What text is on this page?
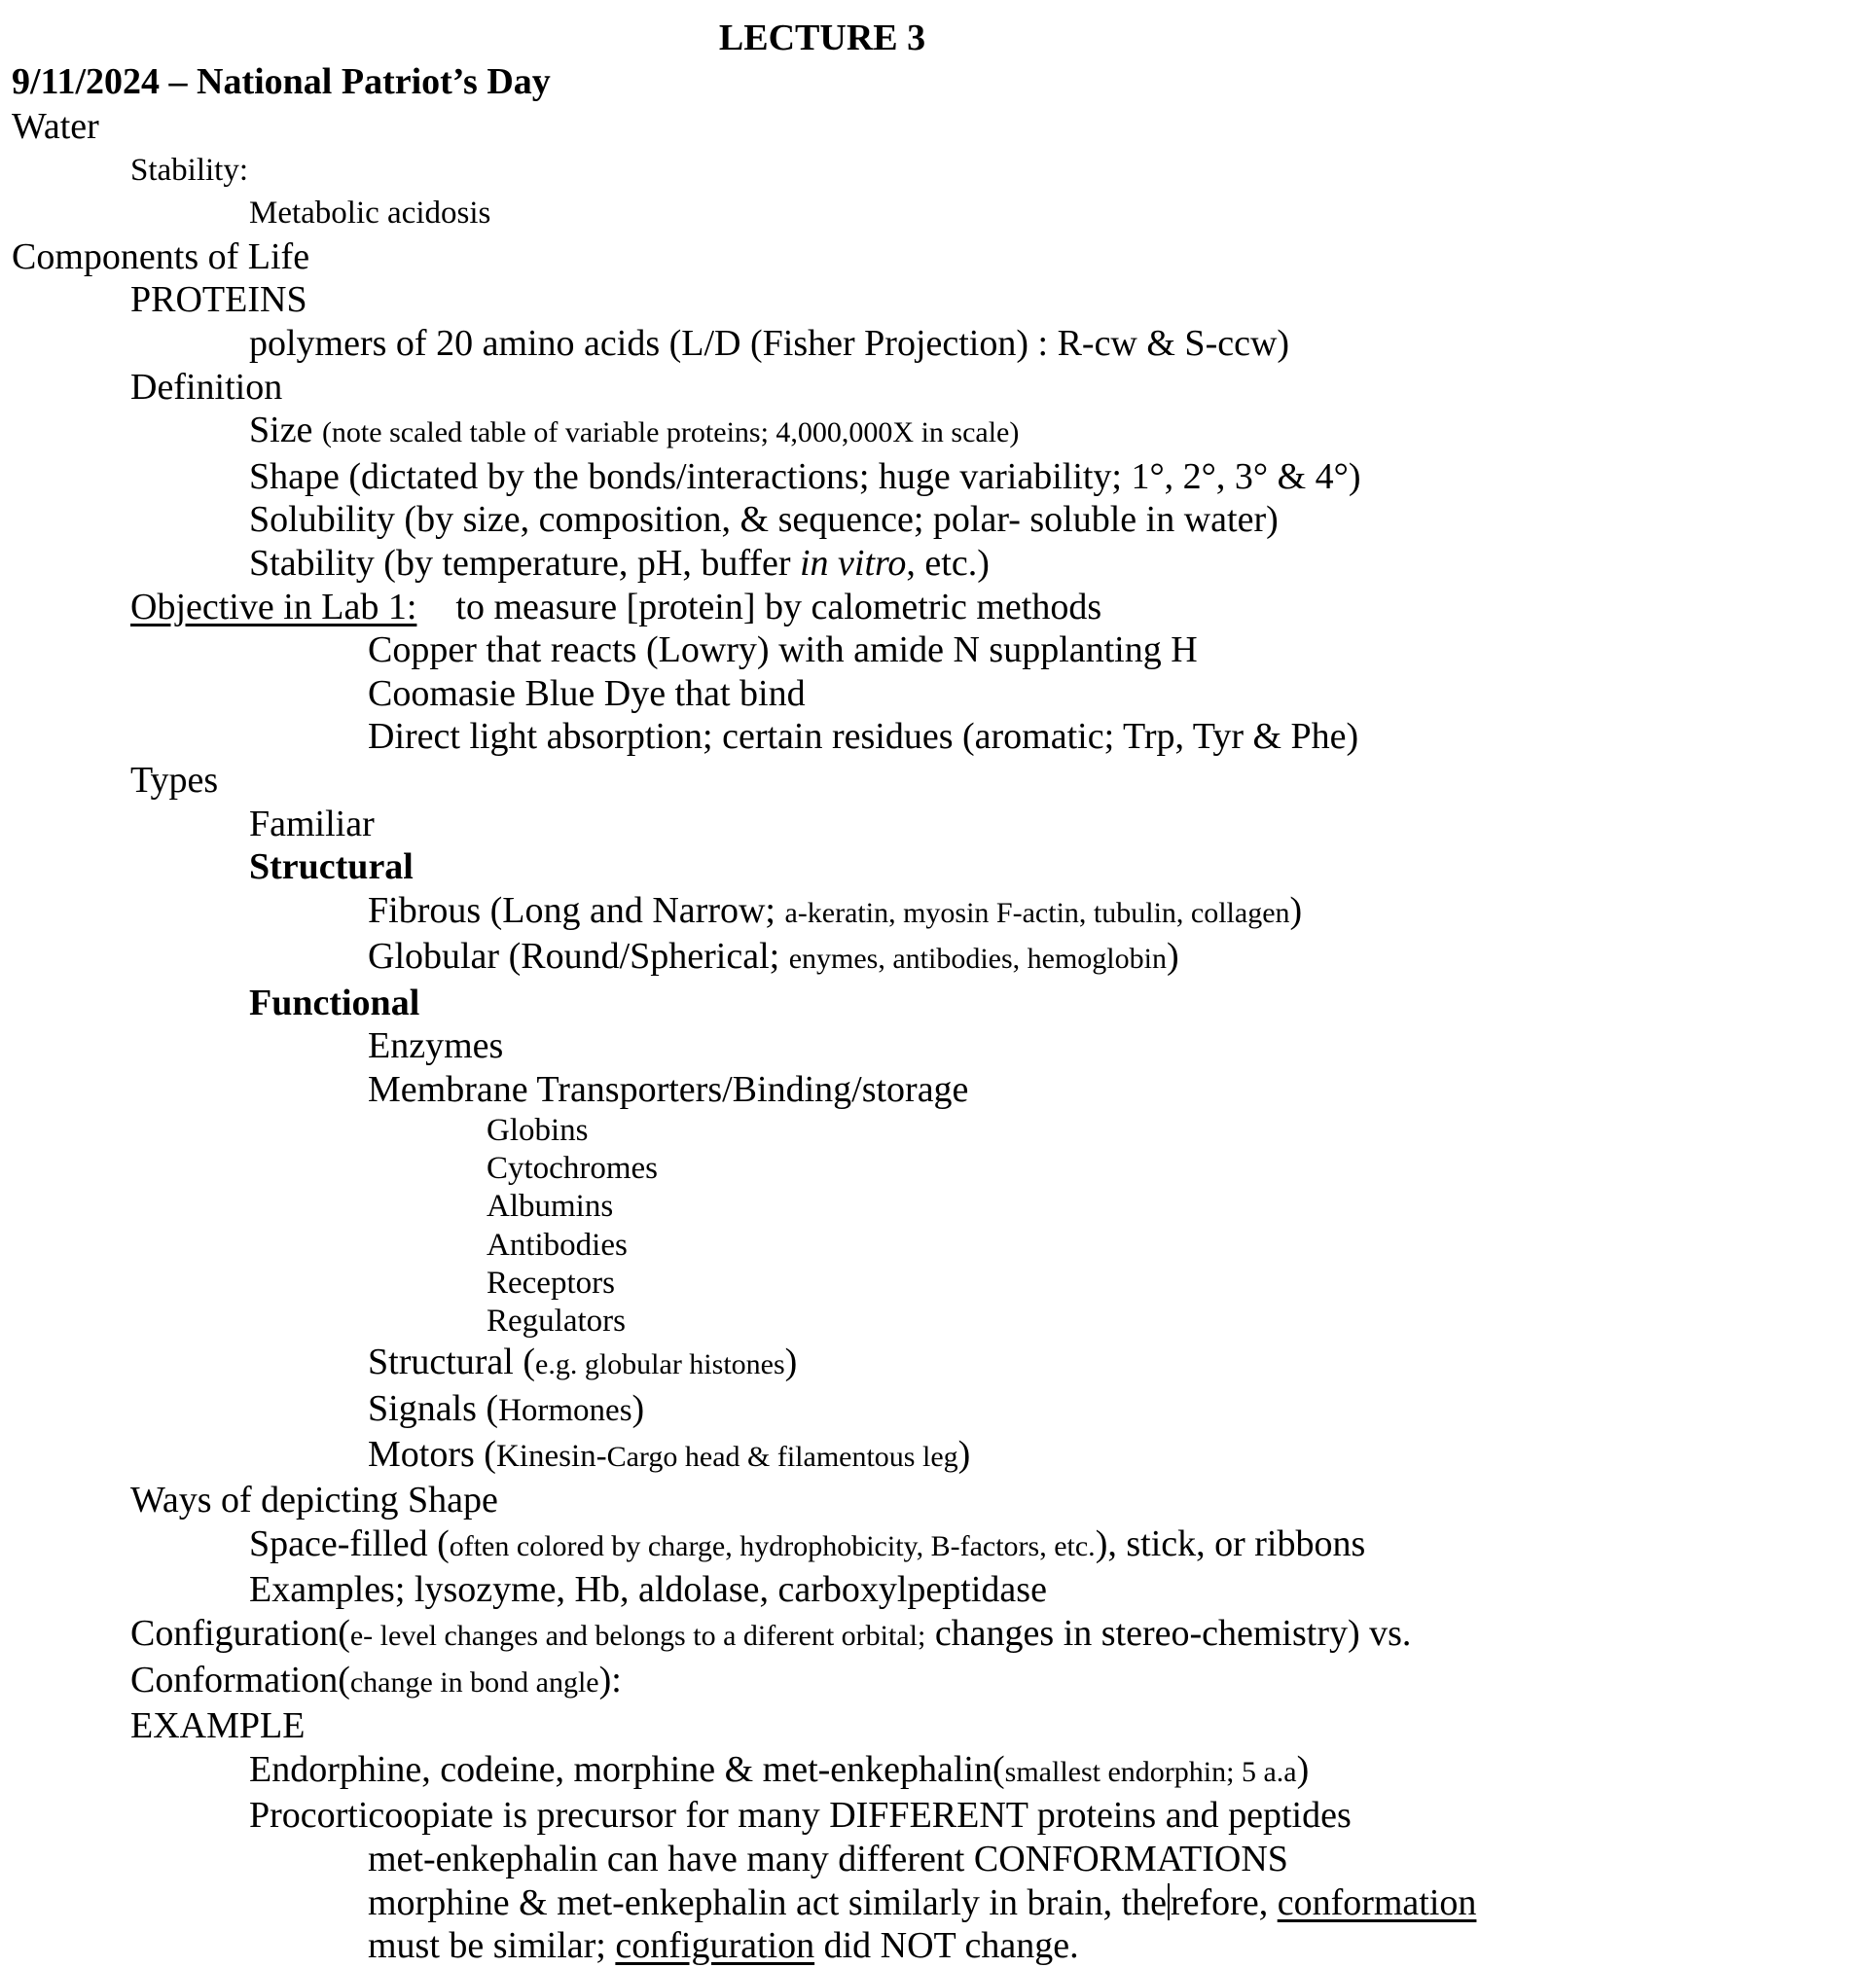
LECTURE 3
9/11/2024 – National Patriot’s Day
Water
Stability:
Metabolic acidosis
Components of Life
PROTEINS
polymers of 20 amino acids (L/D (Fisher Projection) : R-cw & S-ccw)
Definition
Size (note scaled table of variable proteins; 4,000,000X in scale)
Shape (dictated by the bonds/interactions; huge variability; 1°, 2°, 3° & 4°)
Solubility (by size, composition, & sequence; polar- soluble in water)
Stability (by temperature, pH, buffer in vitro, etc.)
Objective in Lab 1: to measure [protein] by calometric methods
Copper that reacts (Lowry) with amide N supplanting H
Coomasie Blue Dye that bind
Direct light absorption; certain residues (aromatic; Trp, Tyr & Phe)
Types
Familiar
Structural
Fibrous (Long and Narrow; a-keratin, myosin F-actin, tubulin, collagen)
Globular (Round/Spherical; enymes, antibodies, hemoglobin)
Functional
Enzymes
Membrane Transporters/Binding/storage
Globins
Cytochromes
Albumins
Antibodies
Receptors
Regulators
Structural (e.g. globular histones)
Signals (Hormones)
Motors (Kinesin-Cargo head & filamentous leg)
Ways of depicting Shape
Space-filled (often colored by charge, hydrophobicity, B-factors, etc.), stick, or ribbons
Examples; lysozyme, Hb, aldolase, carboxylpeptidase
Configuration(e- level changes and belongs to a diferent orbital; changes in stereo-chemistry) vs.
Conformation(change in bond angle):
EXAMPLE
Endorphine, codeine, morphine & met-enkephalin(smallest endorphin; 5 a.a)
Procorticoopiate is precursor for many DIFFERENT proteins and peptides
met-enkephalin can have many different CONFORMATIONS
morphine & met-enkephalin act similarly in brain, the refore, conformation
must be similar; configuration did NOT change.
